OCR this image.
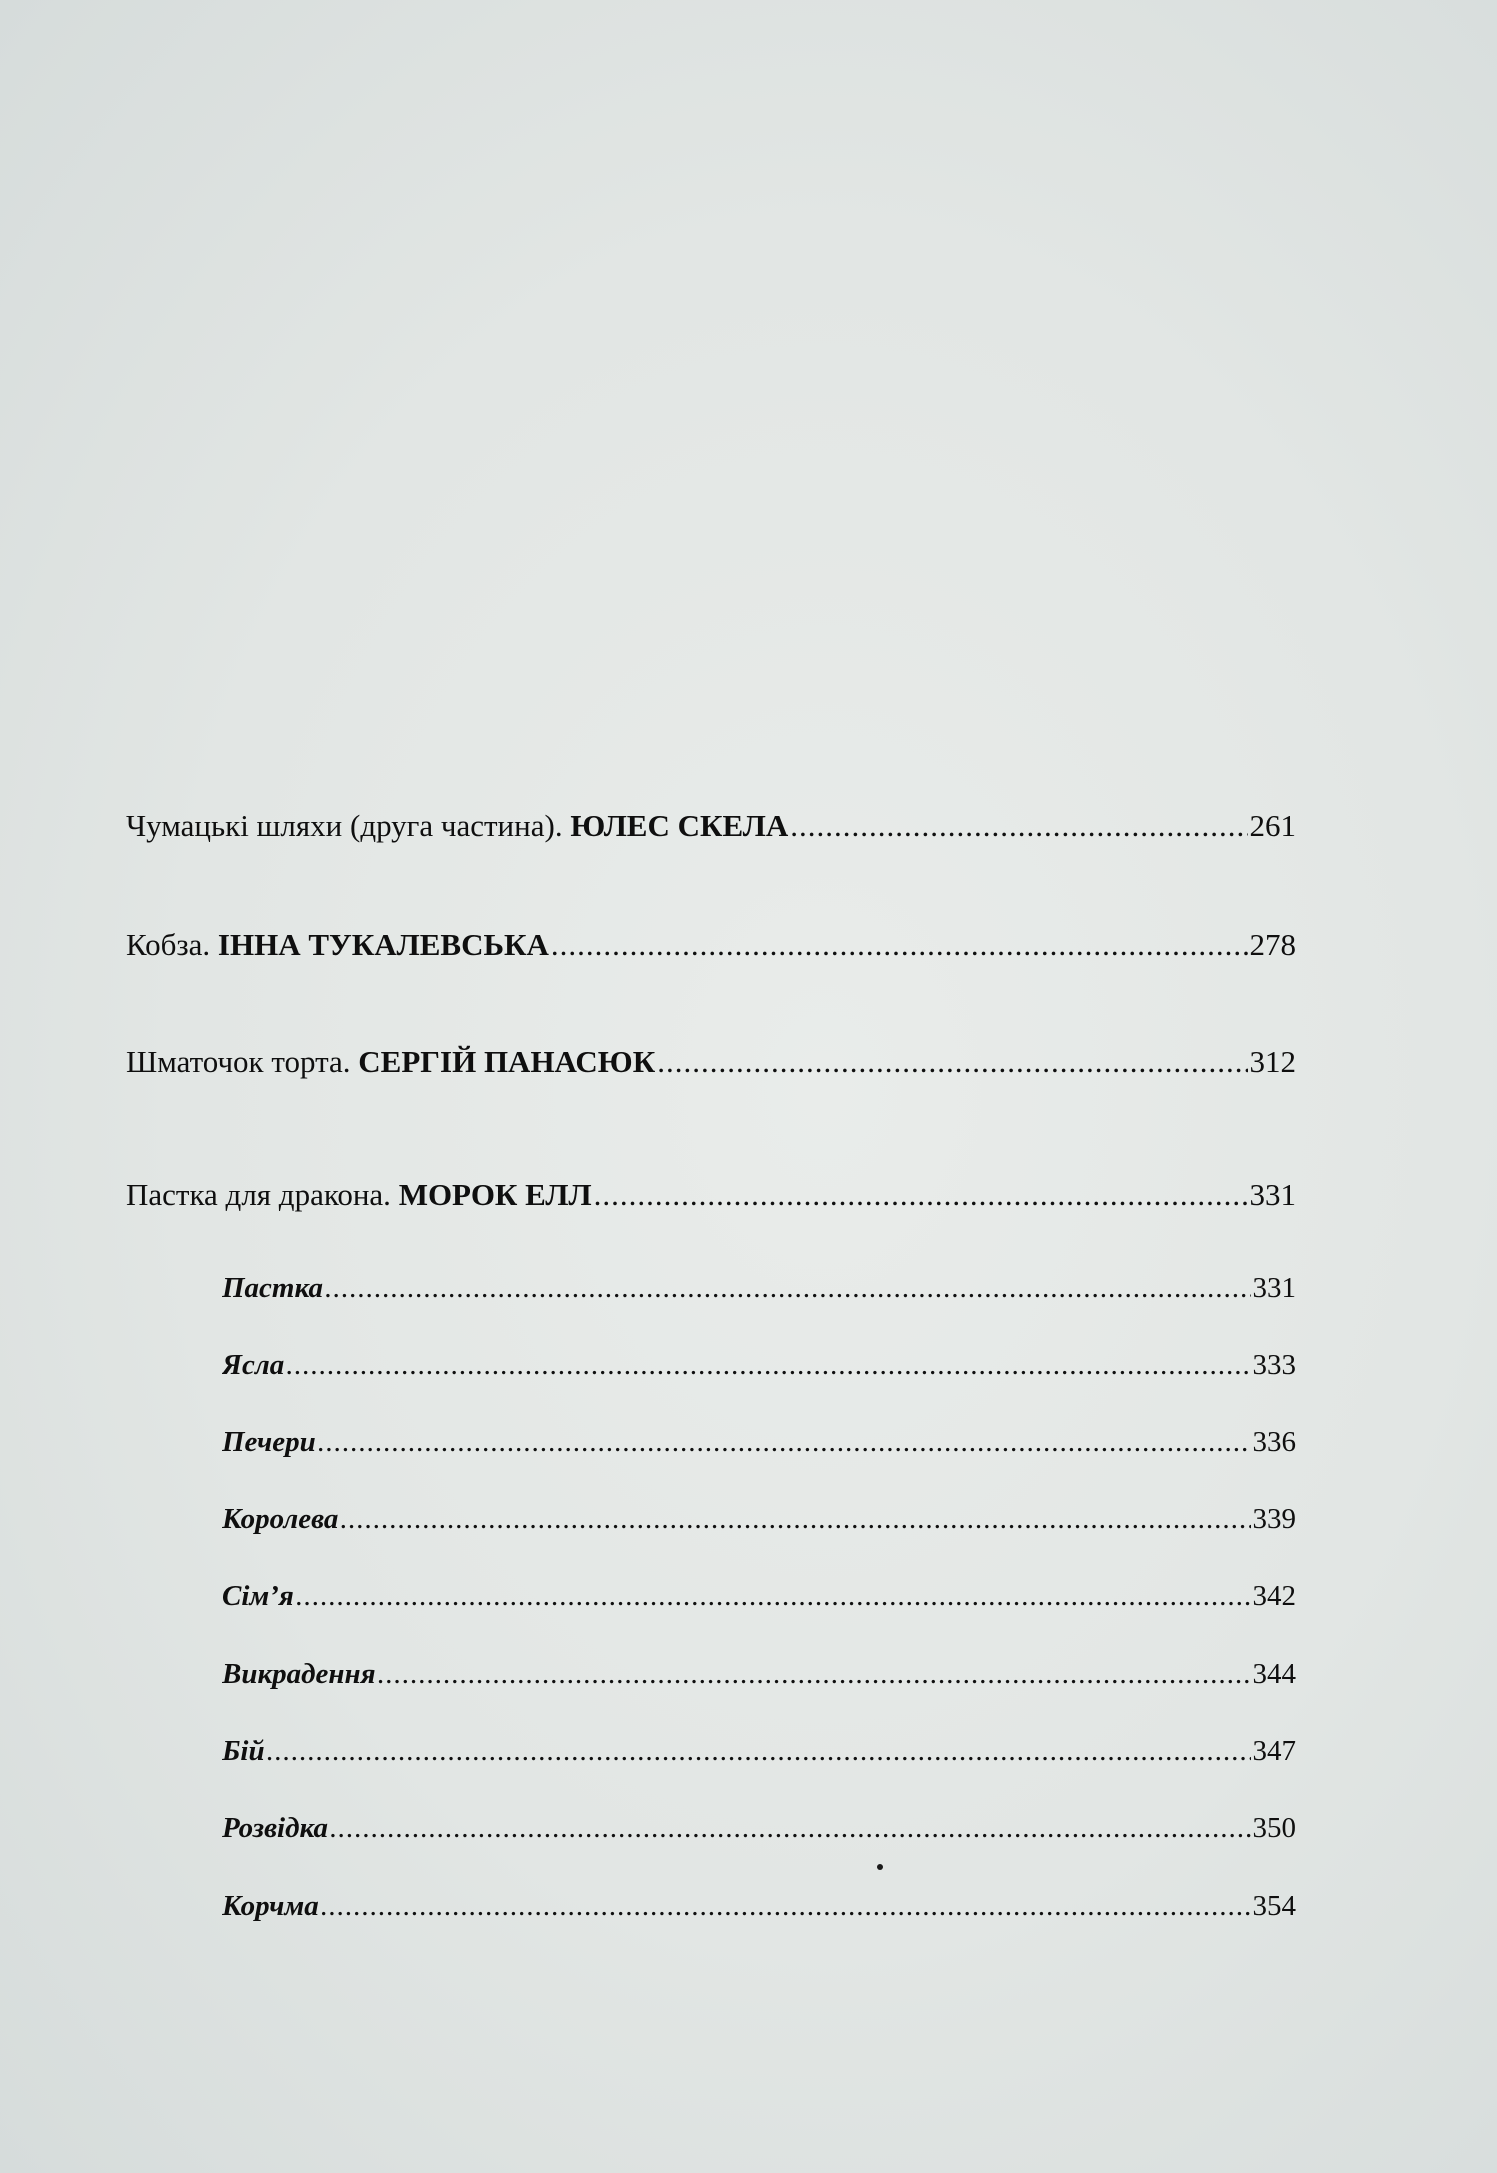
Чумацькі шляхи (друга частина). ЮЛЕС СКЕЛА .....	261
Кобза. ІННА ТУКАЛЕВСЬКА .....	278
Шматочок торта. СЕРГІЙ ПАНАСЮК .....	312
Пастка для дракона. МОРОК ЕЛЛ .....	331
Пастка .....	331
Ясла .....	333
Печери .....	336
Королева .....	339
Сім’я .....	342
Викрадення .....	344
Бій .....	347
Розвідка .....	350
Корчма .....	354
